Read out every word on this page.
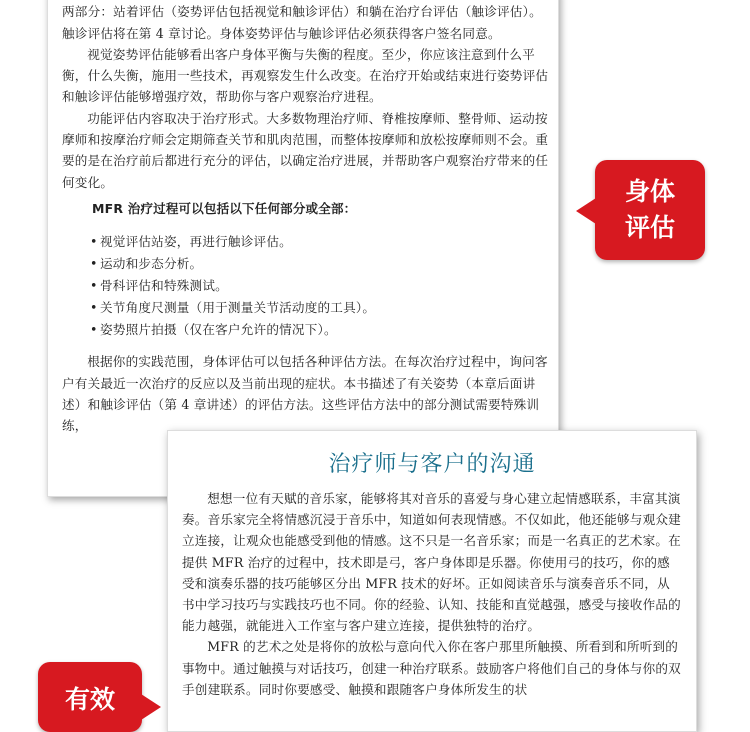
两部分：站着评估（姿势评估包括视觉和触诊评估）和躺在治疗台评估（触诊评估）。触诊评估将在第 4 章讨论。身体姿势评估与触诊评估必须获得客户签名同意。

视觉姿势评估能够看出客户身体平衡与失衡的程度。至少，你应该注意到什么平衡，什么失衡，施用一些技术，再观察发生什么改变。在治疗开始或结束进行姿势评估和触诊评估能够增强疗效，帮助你与客户观察治疗进程。

功能评估内容取决于治疗形式。大多数物理治疗师、脊椎按摩师、整骨师、运动按摩师和按摩治疗师会定期筛查关节和肌肉范围，而整体按摩师和放松按摩师则不会。重要的是在治疗前后都进行充分的评估，以确定治疗进展，并帮助客户观察治疗带来的任何变化。

MFR 治疗过程可以包括以下任何部分或全部：
• 视觉评估站姿，再进行触诊评估。
• 运动和步态分析。
• 骨科评估和特殊测试。
• 关节角度尺测量（用于测量关节活动度的工具）。
• 姿势照片拍摄（仅在客户允许的情况下）。

根据你的实践范围，身体评估可以包括各种评估方法。在每次治疗过程中，询问客户有关最近一次治疗的反应以及当前出现的症状。本书描述了有关姿势（本章后面讲述）和触诊评估（第 4 章讲述）的评估方法。这些评估方法中的部分测试需要特殊训练，

身体
评估
治疗师与客户的沟通

想想一位有天赋的音乐家，能够将其对音乐的喜爱与身心建立起情感联系，丰富其演奏。音乐家完全将情感沉浸于音乐中，知道如何表现情感。不仅如此，他还能够与观众建立连接，让观众也能感受到他的情感。这不只是一名音乐家；而是一名真正的艺术家。在提供 MFR 治疗的过程中，技术即是弓，客户身体即是乐器。你使用弓的技巧，你的感受和演奏乐器的技巧能够区分出 MFR 技术的好坏。正如阅读音乐与演奏音乐不同，从书中学习技巧与实践技巧也不同。你的经验、认知、技能和直觉越强，感受与接收作品的能力越强，就能进入工作室与客户建立连接，提供独特的治疗。

MFR 的艺术之处是将你的放松与意向代入你在客户那里所触摸、所看到和所听到的事物中。通过触摸与对话技巧，创建一种治疗联系。鼓励客户将他们自己的身体与你的双手创建联系。同时你要感受、触摸和跟随客户身体所发生的状

有效
